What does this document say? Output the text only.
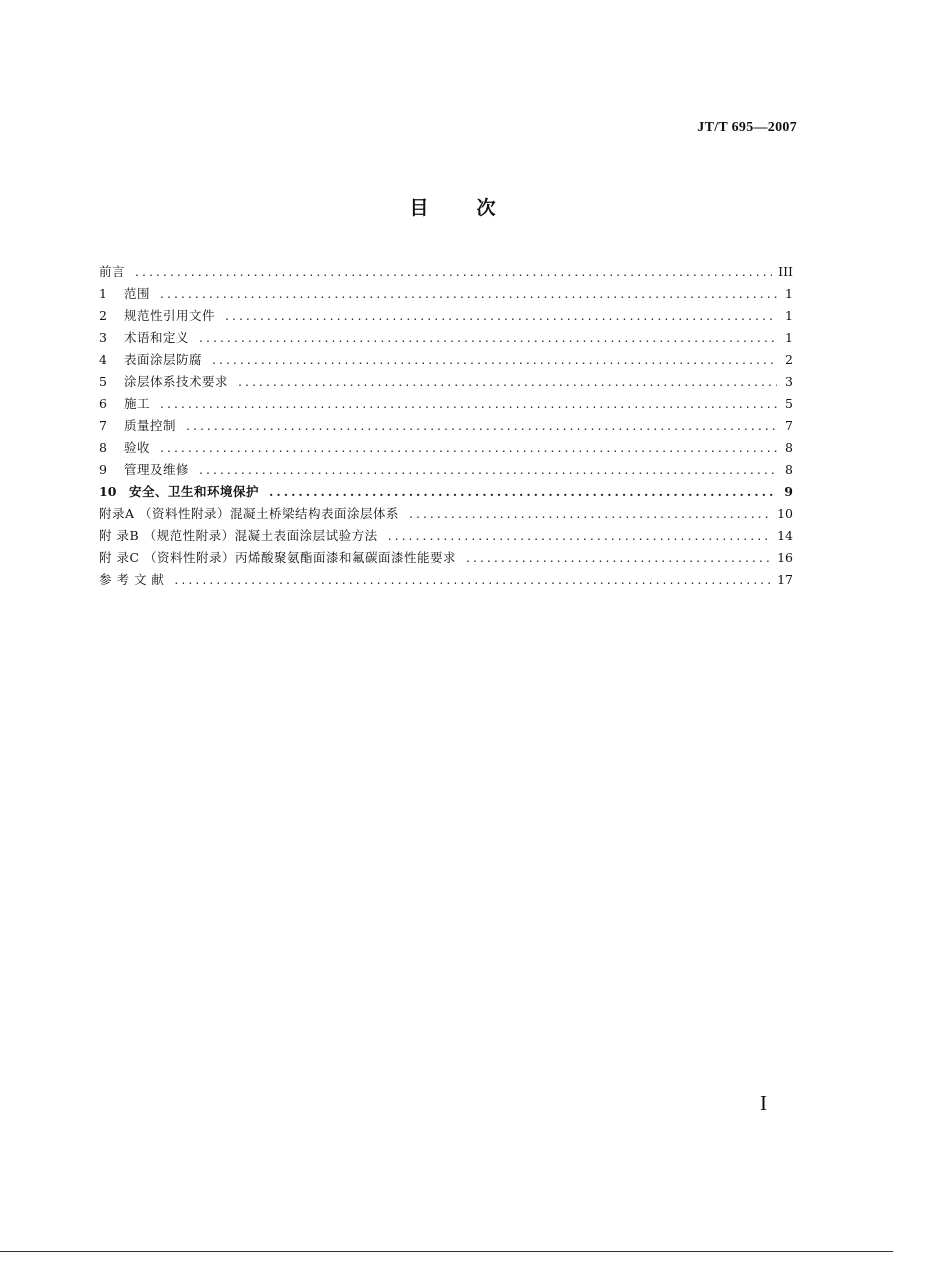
JT/T 695—2007
目	次
前言 .....	III
1	范围 .....	1
2	规范性引用文件 .....	1
3	术语和定义 .....	1
4	表面涂层防腐 .....	2
5	涂层体系技术要求 .....	3
6	施工 .....	5
7	质量控制 .....	7
8	验收 .....	8
9	管理及维修 .....	8
10	安全、卫生和环境保护 .....	9
附录A （资料性附录）混凝土桥梁结构表面涂层体系 .....	10
附 录B （规范性附录）混凝土表面涂层试验方法 .....	14
附 录C （资料性附录）丙烯酸聚氨酯面漆和氟碳面漆性能要求 .....	16
参 考 文 献 .....	17
I
